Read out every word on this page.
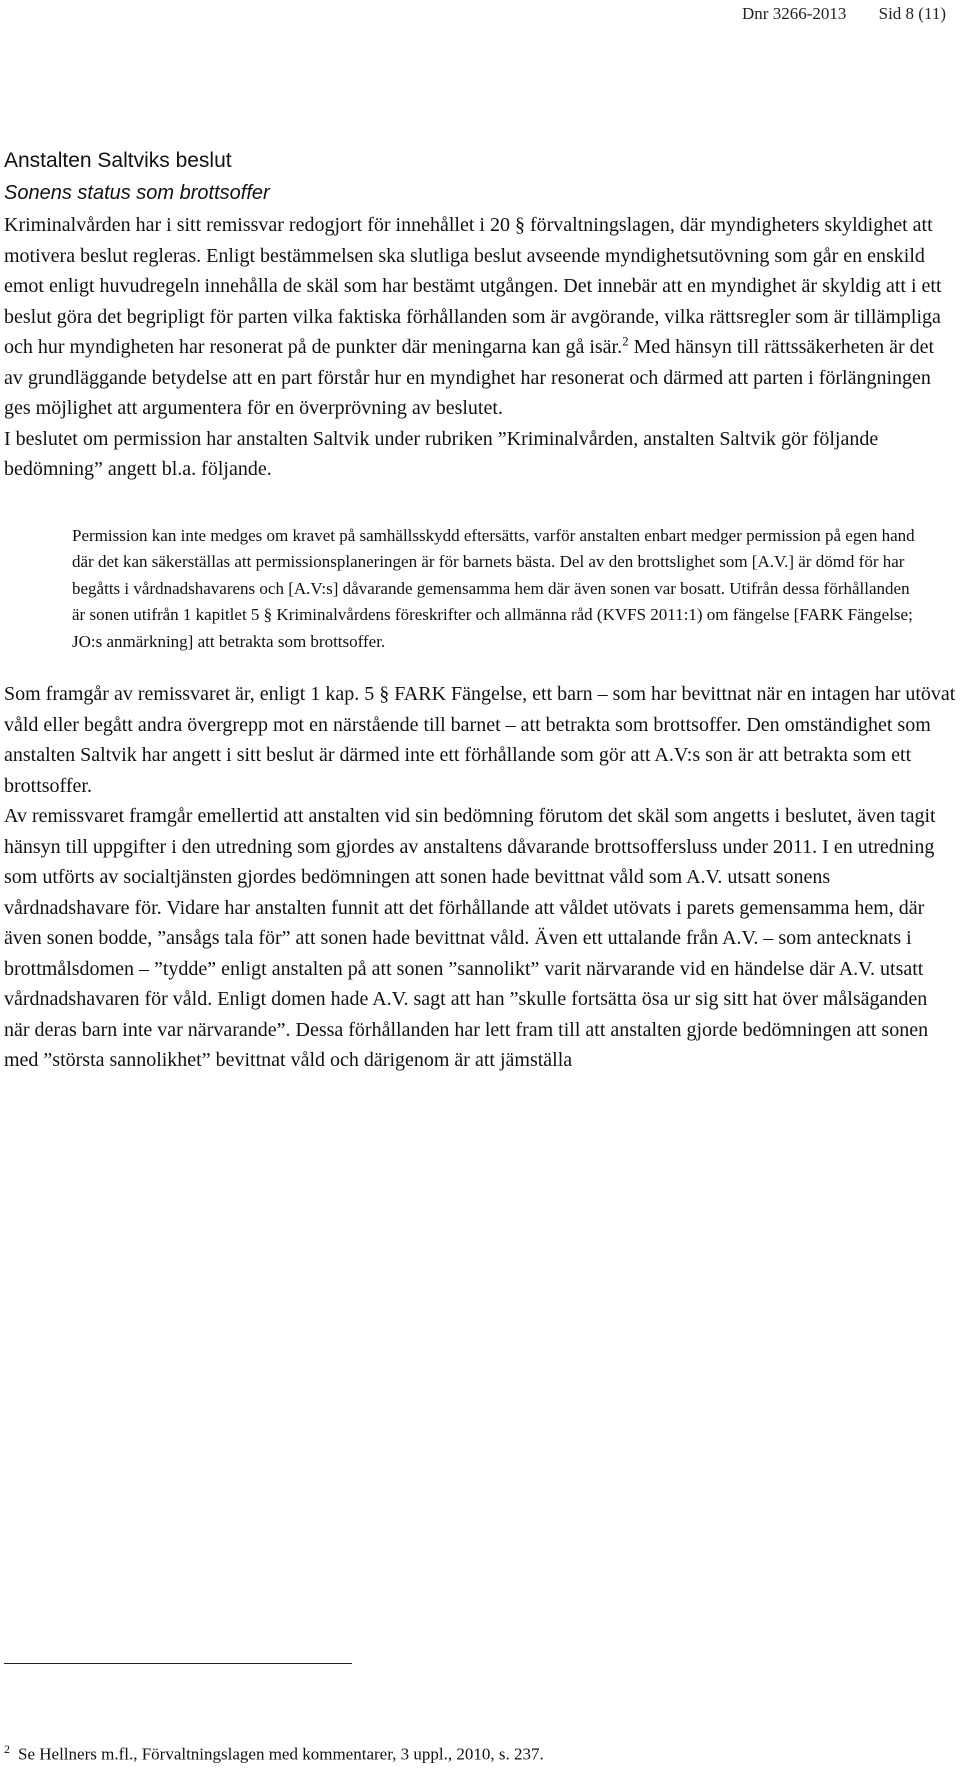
Dnr 3266-2013 Sid 8 (11)
Anstalten Saltviks beslut
Sonens status som brottsoffer

Kriminalvården har i sitt remissvar redogjort för innehållet i 20 § förvaltningslagen, där myndigheters skyldighet att motivera beslut regleras. Enligt bestämmelsen ska slutliga beslut avseende myndighetsutövning som går en enskild emot enligt huvudregeln innehålla de skäl som har bestämt utgången. Det innebär att en myndighet är skyldig att i ett beslut göra det begripligt för parten vilka faktiska förhållanden som är avgörande, vilka rättsregler som är tillämpliga och hur myndigheten har resonerat på de punkter där meningarna kan gå isär.$^2$ Med hänsyn till rättssäkerheten är det av grundläggande betydelse att en part förstår hur en myndighet har resonerat och därmed att parten i förlängningen ges möjlighet att argumentera för en överprövning av beslutet.

I beslutet om permission har anstalten Saltvik under rubriken ”Kriminalvården, anstalten Saltvik gör följande bedömning” angett bl.a. följande.

Permission kan inte medges om kravet på samhällsskydd eftersätts, varför anstalten enbart medger permission på egen hand där det kan säkerställas att permissionsplaneringen är för barnets bästa. Del av den brottslighet som [A.V.] är dömd för har begåtts i vårdnadshavarens och [A.V:s] dåvarande gemensamma hem där även sonen var bosatt. Utifrån dessa förhållanden är sonen utifrån 1 kapitlet 5 § Kriminalvårdens föreskrifter och allmänna råd (KVFS 2011:1) om fängelse [FARK Fängelse; JO:s anmärkning] att betrakta som brottsoffer.

Som framgår av remissvaret är, enligt 1 kap. 5 § FARK Fängelse, ett barn – som har bevittnat när en intagen har utövat våld eller begått andra övergrepp mot en närstående till barnet – att betrakta som brottsoffer. Den omständighet som anstalten Saltvik har angett i sitt beslut är därmed inte ett förhållande som gör att A.V:s son är att betrakta som ett brottsoffer.

Av remissvaret framgår emellertid att anstalten vid sin bedömning förutom det skäl som angetts i beslutet, även tagit hänsyn till uppgifter i den utredning som gjordes av anstaltens dåvarande brottsoffersluss under 2011. I en utredning som utförts av socialtjänsten gjordes bedömningen att sonen hade bevittnat våld som A.V. utsatt sonens vårdnadshavare för. Vidare har anstalten funnit att det förhållande att våldet utövats i parets gemensamma hem, där även sonen bodde, ”ansågs tala för” att sonen hade bevittnat våld. Även ett uttalande från A.V. – som antecknats i brottmålsdomen – ”tydde” enligt anstalten på att sonen ”sannolikt” varit närvarande vid en händelse där A.V. utsatt vårdnadshavaren för våld. Enligt domen hade A.V. sagt att han ”skulle fortsätta ösa ur sig sitt hat över målsäganden när deras barn inte var närvarande”. Dessa förhållanden har lett fram till att anstalten gjorde bedömningen att sonen med ”största sannolikhet” bevittnat våld och därigenom är att jämställa

$^2$ Se Hellners m.fl., Förvaltningslagen med kommentarer, 3 uppl., 2010, s. 237.
